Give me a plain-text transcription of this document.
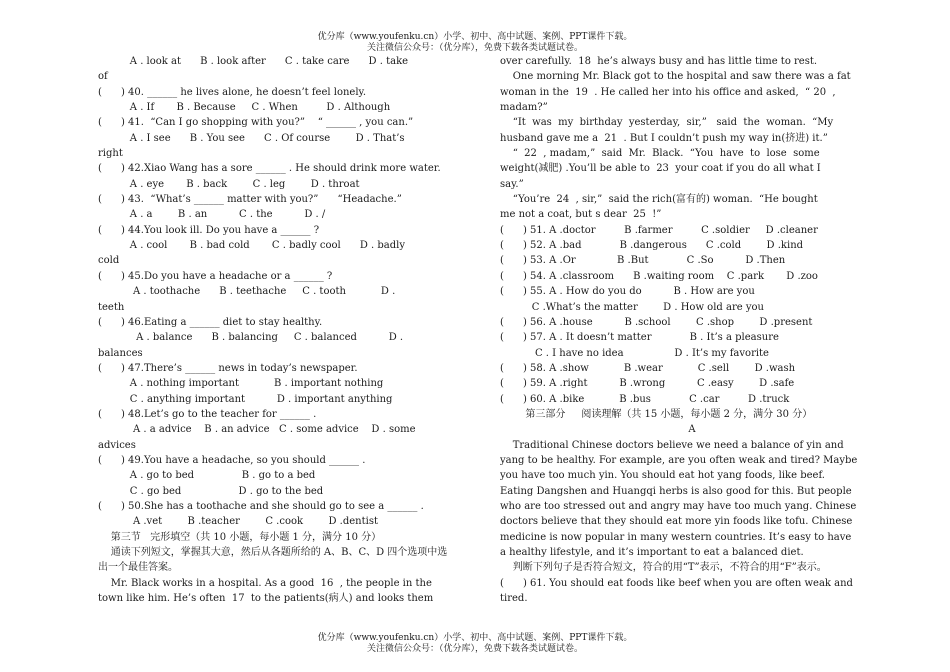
优分库（www.youfenku.cn）小学、初中、高中试题、案例、PPT课件下载。
关注微信公众号：（优分库），免费下载各类试题试卷。
A . look at      B . look after      C . take care      D . take
of
(      ) 40. ______ he lives alone, he doesn’t feel lonely.
A . If       B . Because     C . When         D . Although
(      ) 41.  “Can I go shopping with you?”    “ ______ , you can.”
A . I see      B . You see      C . Of course        D . That’s
right
(      ) 42.Xiao Wang has a sore ______ . He should drink more water.
A . eye       B . back        C . leg        D . throat
(      ) 43.  “What’s ______ matter with you?”      “Headache.”
A . a        B . an          C . the          D . /
(      ) 44.You look ill. Do you have a ______ ?
A . cool       B . bad cold       C . badly cool      D . badly
cold
(      ) 45.Do you have a headache or a ______ ?
A . toothache      B . teethache     C . tooth           D .
teeth
(      ) 46.Eating a ______ diet to stay healthy.
A . balance      B . balancing     C . balanced          D .
balances
(      ) 47.There’s ______ news in today’s newspaper.
A . nothing important           B . important nothing
C . anything important          D . important anything
(      ) 48.Let’s go to the teacher for ______ .
A . a advice    B . an advice   C . some advice    D . some
advices
(      ) 49.You have a headache, so you should ______ .
A . go to bed               B . go to a bed
C . go bed                  D . go to the bed
(      ) 50.She has a toothache and she should go to see a ______ .
A .vet        B .teacher        C .cook        D .dentist
第三节   完形填空（共 10 小题，每小题 1 分，满分 10 分）
通读下列短文，掌握其大意，然后从各题所给的 A、B、C、D 四个选项中选
出一个最佳答案。
Mr. Black works in a hospital. As a good  16  , the people in the
town like him. He’s often  17  to the patients(病人) and looks them
over carefully.  18  he’s always busy and has little time to rest.
One morning Mr. Black got to the hospital and saw there was a fat
woman in the  19  . He called her into his office and asked,  “ 20  ,
madam?”
“It  was  my  birthday  yesterday,  sir,”   said  the  woman.  “My
husband gave me a  21  . But I couldn’t push my way in(挤进) it.”
“  22  , madam,”  said  Mr.  Black.  “You  have  to  lose  some
weight(减肥) .You’ll be able to  23  your coat if you do all what I
say.”
“You’re  24  , sir,”  said the rich(富有的) woman.  “He bought
me not a coat, but s dear  25  !”
(      ) 51. A .doctor         B .farmer         C .soldier     D .cleaner
(      ) 52. A .bad            B .dangerous      C .cold        D .kind
(      ) 53. A .Or             B .But            C .So          D .Then
(      ) 54. A .classroom      B .waiting room    C .park       D .zoo
(      ) 55. A . How do you do          B . How are you
C .What’s the matter        D . How old are you
(      ) 56. A .house          B .school        C .shop        D .present
(      ) 57. A . It doesn’t matter            B . It’s a pleasure
C . I have no idea                D . It’s my favorite
(      ) 58. A .show           B .wear           C .sell        D .wash
(      ) 59. A .right          B .wrong          C .easy        D .safe
(      ) 60. A .bike           B .bus            C .car         D .truck
第三部分     阅读理解（共 15 小题，每小题 2 分，满分 30 分）
A
Traditional Chinese doctors believe we need a balance of yin and
yang to be healthy. For example, are you often weak and tired? Maybe
you have too much yin. You should eat hot yang foods, like beef.
Eating Dangshen and Huangqi herbs is also good for this. But people
who are too stressed out and angry may have too much yang. Chinese
doctors believe that they should eat more yin foods like tofu. Chinese
medicine is now popular in many western countries. It’s easy to have
a healthy lifestyle, and it’s important to eat a balanced diet.
判断下列句子是否符合短文，符合的用“T”表示，不符合的用“F”表示。
(      ) 61. You should eat foods like beef when you are often weak and
tired.
优分库（www.youfenku.cn）小学、初中、高中试题、案例、PPT课件下载。
关注微信公众号：（优分库），免费下载各类试题试卷。
